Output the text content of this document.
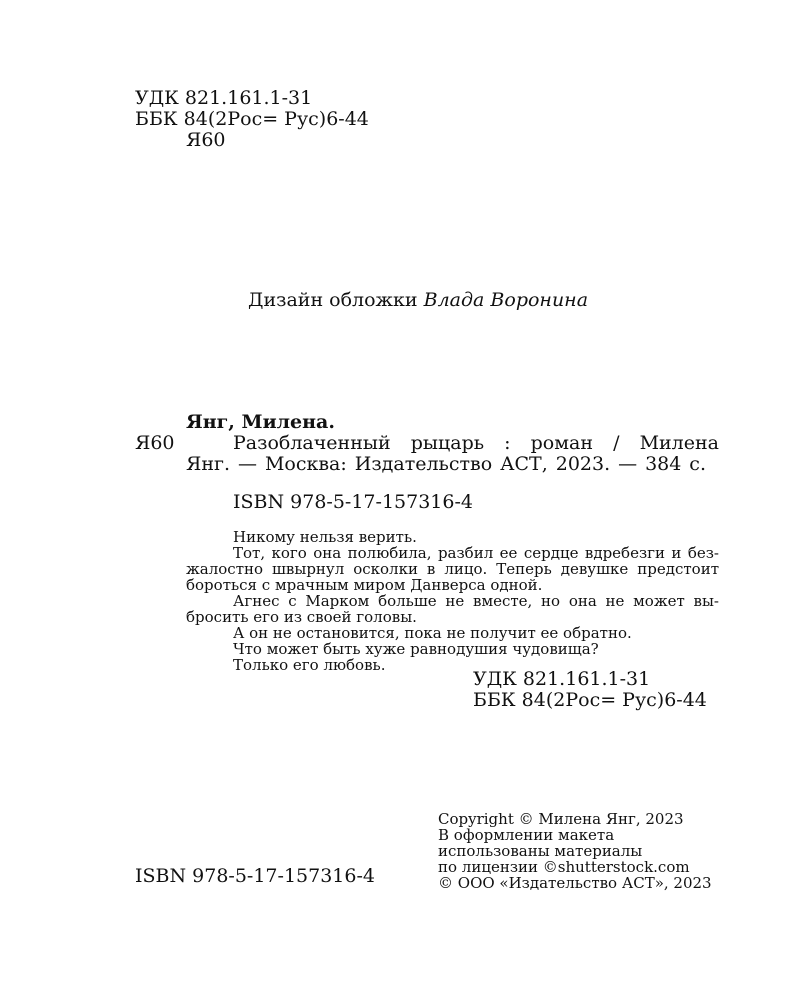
УДК 821.161.1-31
ББК 84(2Рос= Рус)6-44
Я60
Дизайн обложки Влада Воронина
Янг, Милена.
Я60	Разоблаченный рыцарь : роман / Милена
Янг. — Москва: Издательство АСТ, 2023. — 384 с.
ISBN 978-5-17-157316-4
Никому нельзя верить.
Тот, кого она полюбила, разбил ее сердце вдребезги и без-
жалостно швырнул осколки в лицо. Теперь девушке предстоит
бороться с мрачным миром Данверса одной.
Агнес с Марком больше не вместе, но она не может вы-
бросить его из своей головы.
А он не остановится, пока не получит ее обратно.
Что может быть хуже равнодушия чудовища?
Только его любовь.
УДК 821.161.1-31
ББК 84(2Рос= Рус)6-44
Copyright © Милена Янг, 2023
В оформлении макета
использованы материалы
по лицензии ©shutterstock.com
© ООО «Издательство АСТ», 2023
ISBN 978-5-17-157316-4
